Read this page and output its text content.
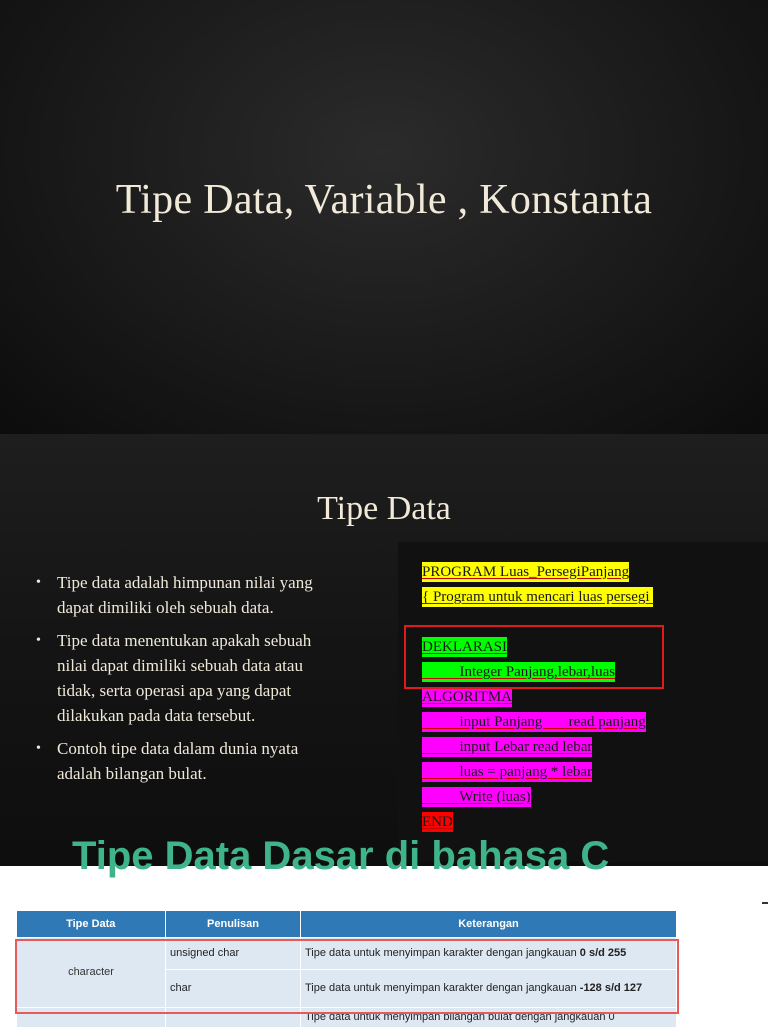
Tipe Data, Variable , Konstanta
Tipe Data
• Tipe data adalah himpunan nilai yang dapat dimiliki oleh sebuah data.
• Tipe data menentukan apakah sebuah nilai dapat dimiliki sebuah data atau tidak, serta operasi apa yang dapat dilakukan pada data tersebut.
• Contoh tipe data dalam dunia nyata adalah bilangan bulat.
PROGRAM Luas_PersegiPanjang
{ Program untuk mencari luas persegi
DEKLARASI
Integer Panjang,lebar,luas
ALGORITMA
input Panjang       read panjang
input Lebar read lebar
luas = panjang * lebar
Write (luas)
END
Tipe Data Dasar di bahasa C
Tipe Data	Penulisan	Keterangan
character	unsigned char	Tipe data untuk menyimpan karakter dengan jangkauan 0 s/d 255
	char	Tipe data untuk menyimpan karakter dengan jangkauan -128 s/d 127
		Tipe data untuk menyimpan bilangan bulat dengan jangkauan 0
